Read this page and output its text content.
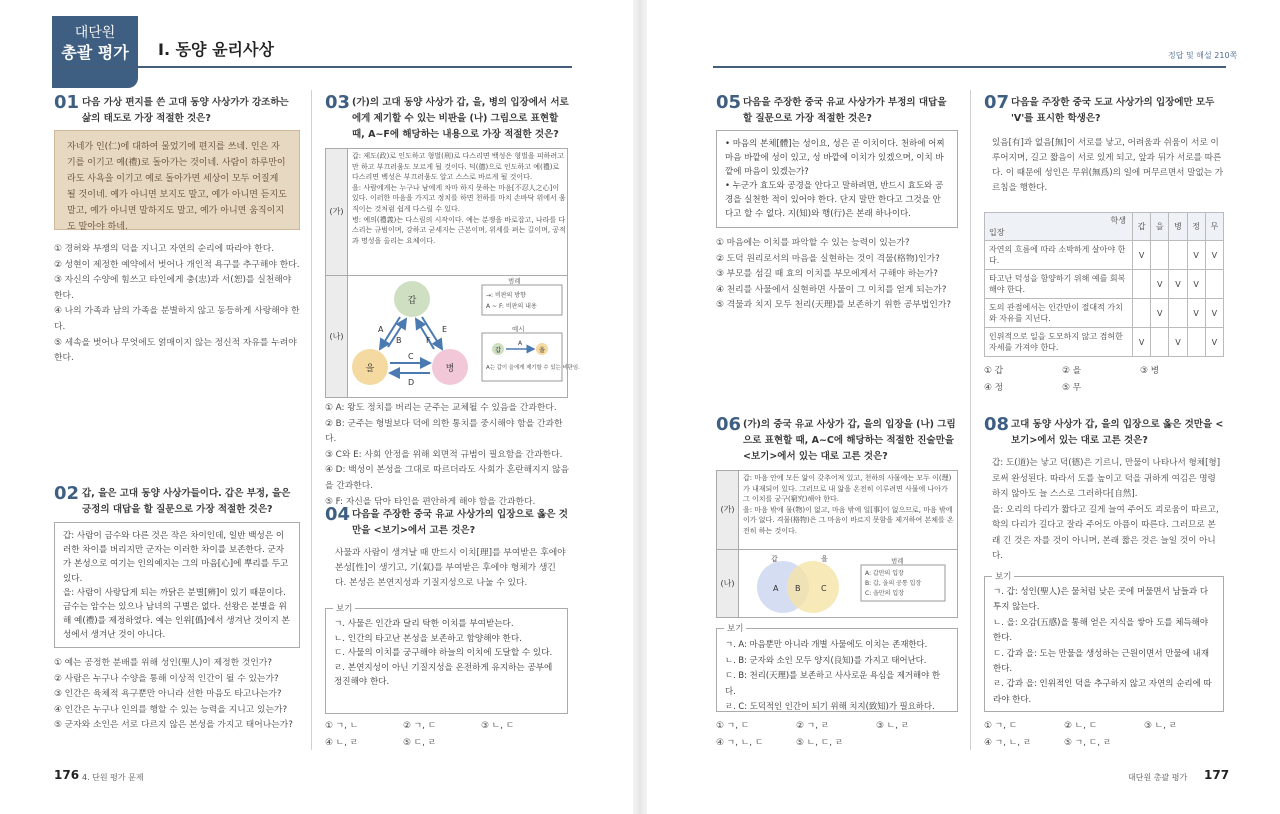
대단원
총괄 평가	Ⅰ. 동양 윤리사상	정답 및 해설 210쪽
01 다음 가상 편지를 쓴 고대 동양 사상가가 강조하는 삶의 태도로 가장 적절한 것은?
자네가 인(仁)에 대하여 물었기에 편지를 쓰네. 인은 자기를 이기고 예(禮)로 돌아가는 것이네. 사람이 하루만이라도 사욕을 이기고 예로 돌아가면 세상이 모두 어질게 될 것이네. 예가 아니면 보지도 말고, 예가 아니면 듣지도 말고, 예가 아니면 말하지도 말고, 예가 아니면 움직이지도 말아야 하네.
① 경허와 부쟁의 덕을 지니고 자연의 순리에 따라야 한다.
② 성현이 제정한 예약에서 벗어나 개인적 욕구를 추구해야 한다.
③ 자신의 수양에 힘쓰고 타인에게 충(忠)과 서(恕)를 실천해야 한다.
④ 나의 가족과 남의 가족을 분별하지 않고 동등하게 사랑해야 한다.
⑤ 세속을 벗어나 무엇에도 얽매이지 않는 정신적 자유를 누려야 한다.
02 갑, 을은 고대 동양 사상가들이다. 갑은 부정, 을은 긍정의 대답을 할 질문으로 가장 적절한 것은?
갑: 사람이 금수와 다른 것은 작은 차이인데, 일반 백성은 이러한 차이를 버리지만 군자는 이러한 차이를 보존한다. 군자가 본성으로 여기는 인의예지는 그의 마음[心]에 뿌리를 두고 있다.
을: 사람이 사랑답게 되는 까닭은 분별[辨]이 있기 때문이다. 금수는 암수는 있으나 남녀의 구별은 없다. 선왕은 분별을 위해 예(禮)를 제정하였다. 예는 인위[僞]에서 생겨난 것이지 본성에서 생겨난 것이 아니다.
① 예는 공정한 분배를 위해 성인(聖人)이 제정한 것인가?
② 사람은 누구나 수양을 통해 이상적 인간이 될 수 있는가?
③ 인간은 육체적 욕구뿐만 아니라 선한 마음도 타고나는가?
④ 인간은 누구나 인의를 행할 수 있는 능력을 지니고 있는가?
⑤ 군자와 소인은 서로 다르지 않은 본성을 가지고 태어나는가?
03 (가)의 고대 동양 사상가 갑, 을, 병의 입장에서 서로에게 제기할 수 있는 비판을 (나) 그림으로 표현할 때, A~F에 해당하는 내용으로 가장 적절한 것은?
(가)
갑: 제도(政)로 인도하고 형벌(刑)로 다스리면 백성은 형벌을 피하려고만 하고 부끄러움도 모르게 될 것이다. 덕(德)으로 인도하고 예(禮)로 다스리면 백성은 부끄러움도 알고 스스로 바르게 될 것이다.
을: 사람에게는 누구나 남에게 차마 하지 못하는 마음[不忍人之心]이 있다. 이러한 마음을 가지고 정치를 하면 천하를 마치 손바닥 위에서 움직이는 것처럼 쉽게 다스릴 수 있다.
병: 예의(禮義)는 다스림의 시작이다. 예는 분쟁을 바로잡고, 나라를 다스리는 규범이며, 강하고 굳세지는 근본이며, 위세를 펴는 길이며, 공적과 명성을 올리는 요체이다.
(나)
갑
을	병
A
B
C
D
E
F
범례
→: 비판의 방향
A ~ F: 비판의 내용
예시
갑	을
A
A는 갑이 을에게 제기할 수 있는 비판임.
① A: 왕도 정치를 버리는 군주는 교체될 수 있음을 간과한다.
② B: 군주는 형벌보다 덕에 의한 통치를 중시해야 함을 간과한다.
③ C와 E: 사회 안정을 위해 외면적 규범이 필요함을 간과한다.
④ D: 백성이 본성을 그대로 따르더라도 사회가 혼란해지지 않음을 간과한다.
⑤ F: 자신을 닦아 타인을 편안하게 해야 함을 간과한다.
04 다음을 주장한 중국 유교 사상가의 입장으로 옳은 것만을 <보기>에서 고른 것은?
사물과 사람이 생겨날 때 반드시 이치[理]를 부여받은 후에야 본성[性]이 생기고, 기(氣)를 부여받은 후에야 형체가 생긴다. 본성은 본연지성과 기질지성으로 나눌 수 있다.
ㄱ. 사물은 인간과 달리 탁한 이치를 부여받는다.
ㄴ. 인간의 타고난 본성을 보존하고 함양해야 한다.
ㄷ. 사물의 이치를 궁구해야 하늘의 이치에 도달할 수 있다.
ㄹ. 본연지성이 아닌 기질지성을 온전하게 유지하는 공부에 정진해야 한다.
보기
① ㄱ, ㄴ	② ㄱ, ㄷ	③ ㄴ, ㄷ ④ ㄴ, ㄹ	⑤ ㄷ, ㄹ
05 다음을 주장한 중국 유교 사상가가 부정의 대답을 할 질문으로 가장 적절한 것은?
• 마음의 본체[體]는 성이요, 성은 곧 이치이다. 천하에 어찌 마음 바깥에 성이 있고, 성 바깥에 이치가 있겠으며, 이치 바깥에 마음이 있겠는가?
• 누군가 효도와 공경을 안다고 말하려면, 반드시 효도와 공경을 실천한 적이 있어야 한다. 단지 말만 한다고 그것을 안다고 할 수 없다. 지(知)와 행(行)은 본래 하나이다.
① 마음에는 이치를 파악할 수 있는 능력이 있는가?
② 도덕 원리로서의 마음을 실현하는 것이 격물(格物)인가?
③ 부모를 섬길 때 효의 이치를 부모에게서 구해야 하는가?
④ 천리를 사물에서 실현하면 사물이 그 이치를 얻게 되는가?
⑤ 격물과 치지 모두 천리(天理)를 보존하기 위한 공부법인가?
06 (가)의 중국 유교 사상가 갑, 을의 입장을 (나) 그림으로 표현할 때, A~C에 해당하는 적절한 진술만을 <보기>에서 있는 대로 고른 것은?
(가)
갑: 마음 안에 모든 앎이 갖추어져 있고, 천하의 사물에는 모두 이(理)가 내재되어 있다. 그러므로 내 앎을 온전히 이루려면 사물에 나아가 그 이치를 궁구(窮究)해야 한다.
을: 마음 밖에 물(物)이 없고, 마음 밖에 일[事]이 없으므로, 마음 밖에 이가 없다. 격물(格物)은 그 마음이 바르지 못함을 제거하여 본체를 온전히 하는 것이다.
(나)
갑	을
A B	C
범례
A: 갑만의 입장
B: 갑, 을의 공통 입장
C: 을만의 입장
ㄱ. A: 마음뿐만 아니라 개별 사물에도 이치는 존재한다.
ㄴ. B: 군자와 소인 모두 양지(良知)를 가지고 태어난다.
ㄷ. B: 천리(天理)를 보존하고 사사로운 욕심을 제거해야 한다.
ㄹ. C: 도덕적인 인간이 되기 위해 치지(致知)가 필요하다.
보기
① ㄱ, ㄷ	② ㄱ, ㄹ	③ ㄴ, ㄹ ④ ㄱ, ㄴ, ㄷ	⑤ ㄴ, ㄷ, ㄹ
07 다음을 주장한 중국 도교 사상가의 입장에만 모두 'V'를 표시한 학생은?
있음[有]과 없음[無]이 서로를 낳고, 어려움과 쉬움이 서로 이루어지며, 길고 짧음이 서로 있게 되고, 앞과 뒤가 서로를 따른다. 이 때문에 성인은 무위(無爲)의 일에 머무르면서 말없는 가르침을 행한다.
학생
입장	갑	을	병	정	무
자연의 흐름에 따라 소박하게 살아야 한다.	V			V	V
타고난 덕성을 함양하기 위해 예를 회복해야 한다.		V	V	V	
도의 관점에서는 인간만이 절대적 가치와 자유를 지닌다.		V		V	V
인위적으로 일을 도모하지 않고 겸허한 자세를 가져야 한다.	V		V		V
① 갑	② 을	③ 병 ④ 정	⑤ 무
08 고대 동양 사상가 갑, 을의 입장으로 옳은 것만을 <보기>에서 있는 대로 고른 것은?
갑: 도(道)는 낳고 덕(德)은 기르니, 만물이 나타나서 형체[형]로써 완성된다. 따라서 도를 높이고 덕을 귀하게 여김은 명령하지 않아도 늘 스스로 그러하다[自然].
을: 오리의 다리가 짧다고 길게 늘여 주어도 괴로움이 따르고, 학의 다리가 길다고 잘라 주어도 아픔이 따른다. 그러므로 본래 긴 것은 자를 것이 아니며, 본래 짧은 것은 늘일 것이 아니다.
ㄱ. 갑: 성인(聖人)은 물처럼 낮은 곳에 머물면서 남들과 다투지 않는다.
ㄴ. 을: 오감(五感)을 통해 얻은 지식을 쌓아 도를 체득해야 한다.
ㄷ. 갑과 을: 도는 만물을 생성하는 근원이면서 만물에 내재한다.
ㄹ. 갑과 을: 인위적인 덕을 추구하지 않고 자연의 순리에 따라야 한다.
보기
① ㄱ, ㄷ	② ㄴ, ㄷ	③ ㄴ, ㄹ ④ ㄱ, ㄴ, ㄹ	⑤ ㄱ, ㄷ, ㄹ
176 4. 단원 평가 문제	대단원 총괄 평가 177
